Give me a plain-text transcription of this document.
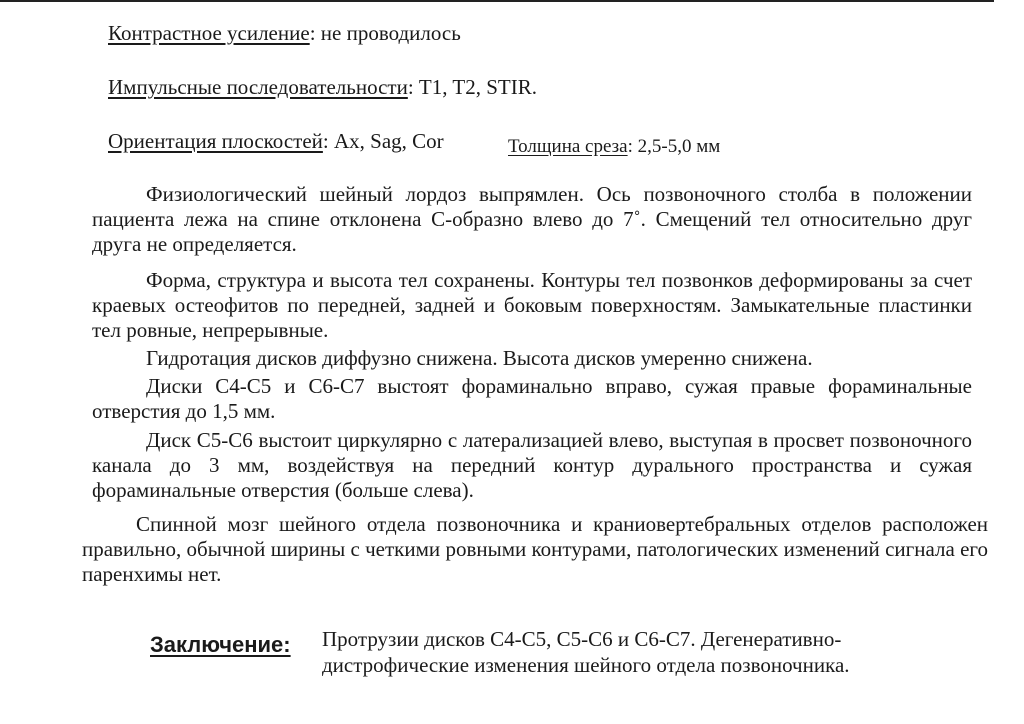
Контрастное усиление: не проводилось
Импульсные последовательности: T1, T2, STIR.
Ориентация плоскостей: Ax, Sag, Cor	Толщина среза: 2,5-5,0 мм
Физиологический шейный лордоз выпрямлен. Ось позвоночного столба в положении пациента лежа на спине отклонена С-образно влево до 7˚. Смещений тел относительно друг друга не определяется.
Форма, структура и высота тел сохранены. Контуры тел позвонков деформированы за счет краевых остеофитов по передней, задней и боковым поверхностям. Замыкательные пластинки тел ровные, непрерывные.
Гидротация дисков диффузно снижена. Высота дисков умеренно снижена.
Диски С4-С5 и С6-С7 выстоят фораминально вправо, сужая правые фораминальные отверстия до 1,5 мм.
Диск С5-С6 выстоит циркулярно с латерализацией влево, выступая в просвет позвоночного канала до 3 мм, воздействуя на передний контур дурального пространства и сужая фораминальные отверстия (больше слева).
Спинной мозг шейного отдела позвоночника и краниовертебральных отделов расположен правильно, обычной ширины с четкими ровными контурами, патологических изменений сигнала его паренхимы нет.
Заключение: Протрузии дисков С4-С5, С5-С6 и С6-С7. Дегенеративно-дистрофические изменения шейного отдела позвоночника.
